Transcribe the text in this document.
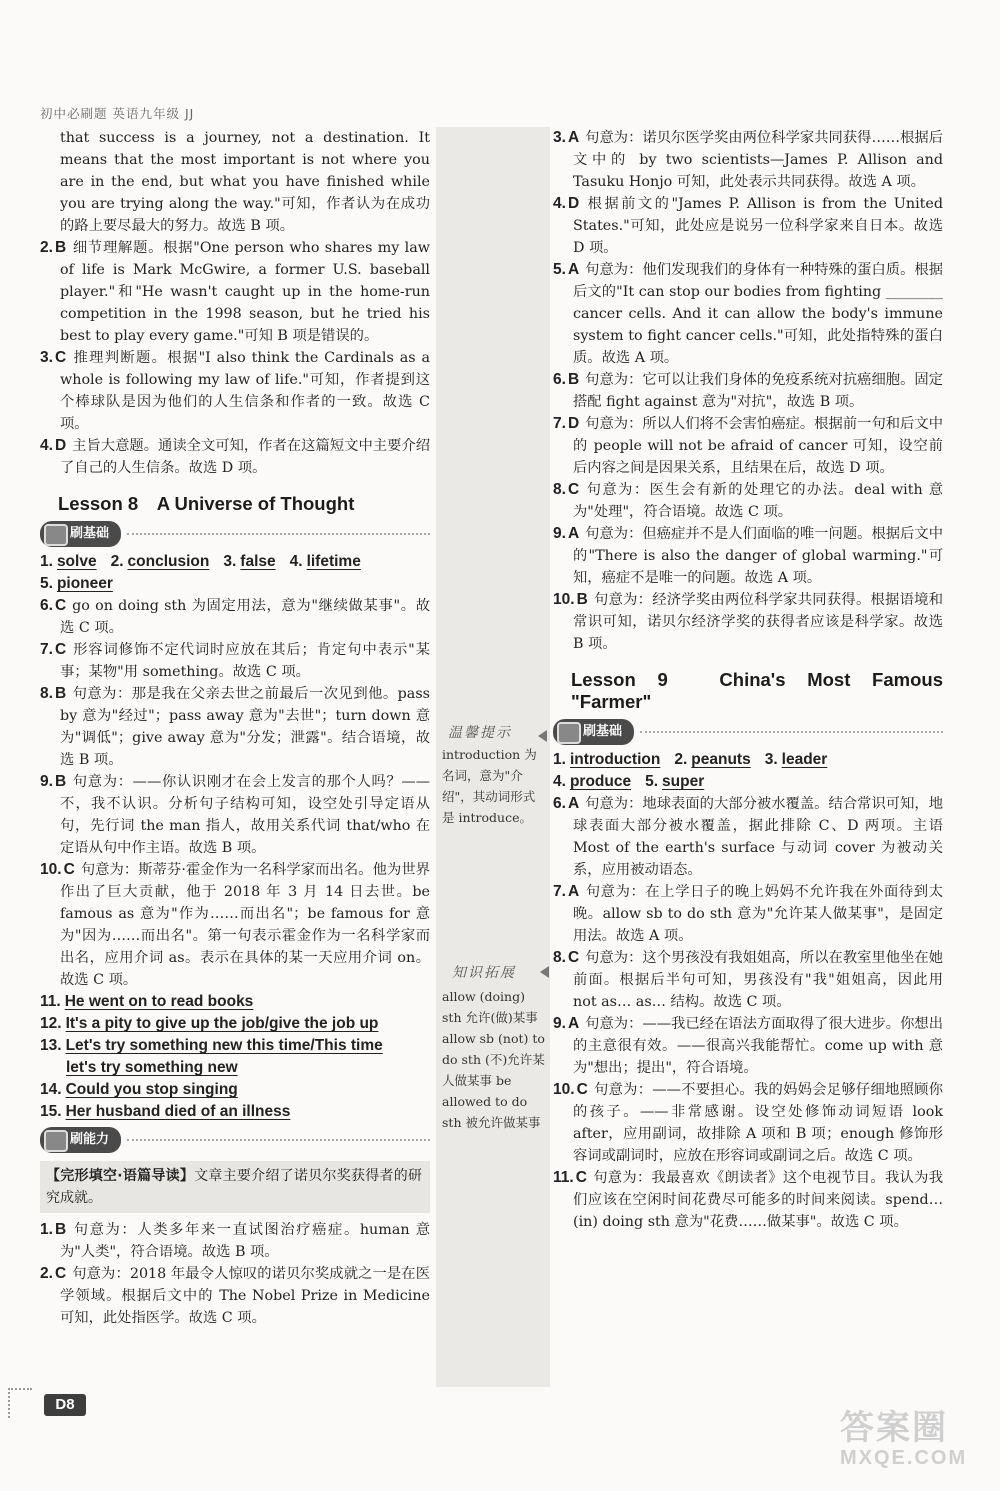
初中必刷题 英语九年级 JJ
温馨提示
introduction 为名词，意为"介绍"，其动词形式是 introduce。
知识拓展
allow (doing) sth 允许(做)某事 allow sb (not) to do sth (不)允许某人做某事 be allowed to do sth 被允许做某事
that success is a journey, not a destination. It means that the most important is not where you are in the end, but what you have finished while you are trying along the way."可知，作者认为在成功的路上要尽最大的努力。故选 B 项。
2. B 细节理解题。根据"One person who shares my law of life is Mark McGwire, a former U.S. baseball player."和"He wasn't caught up in the home-run competition in the 1998 season, but he tried his best to play every game."可知 B 项是错误的。
3. C 推理判断题。根据"I also think the Cardinals as a whole is following my law of life."可知，作者提到这个棒球队是因为他们的人生信条和作者的一致。故选 C 项。
4. D 主旨大意题。通读全文可知，作者在这篇短文中主要介绍了自己的人生信条。故选 D 项。
Lesson 8　A Universe of Thought
刷基础
1. solve 2. conclusion 3. false 4. lifetime
5. pioneer
6. C go on doing sth 为固定用法，意为"继续做某事"。故选 C 项。
7. C 形容词修饰不定代词时应放在其后；肯定句中表示"某事；某物"用 something。故选 C 项。
8. B 句意为：那是我在父亲去世之前最后一次见到他。pass by 意为"经过"；pass away 意为"去世"；turn down 意为"调低"；give away 意为"分发；泄露"。结合语境，故选 B 项。
9. B 句意为：——你认识刚才在会上发言的那个人吗？——不，我不认识。分析句子结构可知，设空处引导定语从句，先行词 the man 指人，故用关系代词 that/who 在定语从句中作主语。故选 B 项。
10. C 句意为：斯蒂芬·霍金作为一名科学家而出名。他为世界作出了巨大贡献，他于 2018 年 3 月 14 日去世。be famous as 意为"作为……而出名"；be famous for 意为"因为……而出名"。第一句表示霍金作为一名科学家而出名，应用介词 as。表示在具体的某一天应用介词 on。故选 C 项。
11. He went on to read books
12. It's a pity to give up the job/give the job up
13. Let's try something new this time/This time
let's try something new
14. Could you stop singing
15. Her husband died of an illness
刷能力
【完形填空·语篇导读】文章主要介绍了诺贝尔奖获得者的研究成就。
1. B 句意为：人类多年来一直试图治疗癌症。human 意为"人类"，符合语境。故选 B 项。
2. C 句意为：2018 年最令人惊叹的诺贝尔奖成就之一是在医学领域。根据后文中的 The Nobel Prize in Medicine 可知，此处指医学。故选 C 项。
3. A 句意为：诺贝尔医学奖由两位科学家共同获得……根据后文中的 by two scientists—James P. Allison and Tasuku Honjo 可知，此处表示共同获得。故选 A 项。
4. D 根据前文的"James P. Allison is from the United States."可知，此处应是说另一位科学家来自日本。故选 D 项。
5. A 句意为：他们发现我们的身体有一种特殊的蛋白质。根据后文的"It can stop our bodies from fighting ________ cancer cells. And it can allow the body's immune system to fight cancer cells."可知，此处指特殊的蛋白质。故选 A 项。
6. B 句意为：它可以让我们身体的免疫系统对抗癌细胞。固定搭配 fight against 意为"对抗"，故选 B 项。
7. D 句意为：所以人们将不会害怕癌症。根据前一句和后文中的 people will not be afraid of cancer 可知，设空前后内容之间是因果关系，且结果在后，故选 D 项。
8. C 句意为：医生会有新的处理它的办法。deal with 意为"处理"，符合语境。故选 C 项。
9. A 句意为：但癌症并不是人们面临的唯一问题。根据后文中的"There is also the danger of global warming."可知，癌症不是唯一的问题。故选 A 项。
10. B 句意为：经济学奖由两位科学家共同获得。根据语境和常识可知，诺贝尔经济学奖的获得者应该是科学家。故选 B 项。
Lesson 9　China's Most Famous "Farmer"
刷基础
1. introduction 2. peanuts 3. leader
4. produce 5. super
6. A 句意为：地球表面的大部分被水覆盖。结合常识可知，地球表面大部分被水覆盖，据此排除 C、D 两项。主语 Most of the earth's surface 与动词 cover 为被动关系，应用被动语态。
7. A 句意为：在上学日子的晚上妈妈不允许我在外面待到太晚。allow sb to do sth 意为"允许某人做某事"，是固定用法。故选 A 项。
8. C 句意为：这个男孩没有我姐姐高，所以在教室里他坐在她前面。根据后半句可知，男孩没有"我"姐姐高，因此用 not as… as… 结构。故选 C 项。
9. A 句意为：——我已经在语法方面取得了很大进步。你想出的主意很有效。——很高兴我能帮忙。come up with 意为"想出；提出"，符合语境。
10. C 句意为：——不要担心。我的妈妈会足够仔细地照顾你的孩子。——非常感谢。设空处修饰动词短语 look after，应用副词，故排除 A 项和 B 项；enough 修饰形容词或副词时，应放在形容词或副词之后。故选 C 项。
11. C 句意为：我最喜欢《朗读者》这个电视节目。我认为我们应该在空闲时间花费尽可能多的时间来阅读。spend…(in) doing sth 意为"花费……做某事"。故选 C 项。
D8
答案圈
MXQE.COM
